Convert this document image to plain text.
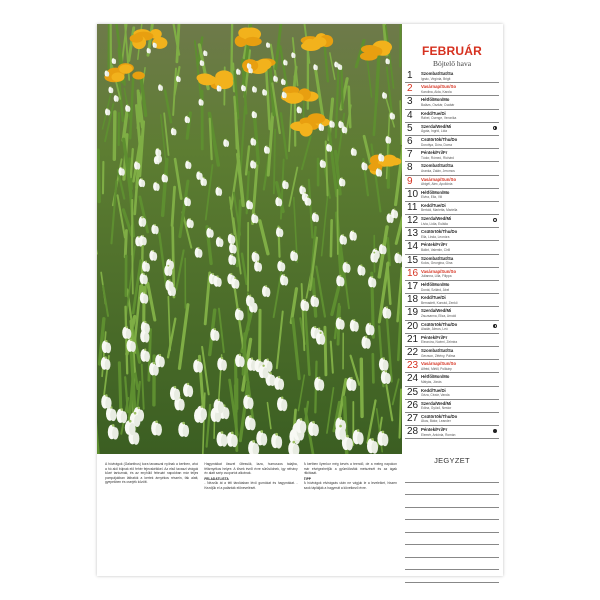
A hóvirágok (Galanthus) kora tavasszal nyílnak a kertben, ahol a hó alól bújnak elő fehér fejecskéikkel. Az első tavaszi virágok közé tartoznak, és az enyhülő februári napokban már teljes pompájukban láthatók a kertek árnyékos részein, fák alatt, gyepekben és cserjék között.
Hagymáikat ősszel ültessük, laza, humuszos talajba, félárnyékos helyre. A tövek évről évre sűrűsödnek, így néhány év alatt szép csoportot alkotnak.
FELADATLISTA
- Nézzük át a téli tárolásban lévő gumókat és hagymákat. - Kezdjük el a palánták előnevelését.
A kertben ilyenkor még kevés a teendő, de a meleg napokon már elvégezhetjük a gyümölcsfák metszését és az ágak ritkítását.
TIPP
A hóvirágok elvirágzás után ne vágjuk le a leveleiket, hiszen azok táplálják a hagymát a következő évre.
FEBRUÁR
Böjtelő hava
1	Szombat/Sat/Sa
Ignác, Virgínia, Brigit
2	Vasárnap/Sun/So
Karolina, Aida, Karola
3	Hétfő/Mon/Mo
Balázs, Oszkár, Csabár
4	Kedd/Tue/Di
Ráhel, Csenge, Veronika
5	Szerda/Wed/Mi
Ágota, Ingrid, Lída
6	Csütörtök/Thu/Do
Dorottya, Dóra, Doma
7	Péntek/Fri/Fr
Tódor, Rómeó, Richárd
8	Szombat/Sat/Sa
Aranka, Zalán, Jeromos
9	Vasárnap/Sun/So
Abigél, Alex, Apollónia
10 Hétfő/Mon/Mo
Elvira, Ella, Vili
11 Kedd/Tue/Di
Bertold, Marietta, Mariella
12 Szerda/Wed/Mi
Lívia, Lídia, Eulália
13 Csütörtök/Thu/Do
Ella, Linda, Leonóra
14 Péntek/Fri/Fr
Bálint, Valentin, Cirill
15 Szombat/Sat/Sa
Kolos, Georgina, Gina
16 Vasárnap/Sun/So
Julianna, Lilla, Filippa
17 Hétfő/Mon/Mo
Donát, Szilárd, Ábel
18 Kedd/Tue/Di
Bernadett, Konrád, Zenkő
19 Szerda/Wed/Mi
Zsuzsanna, Eliza, Arnold
20 Csütörtök/Thu/Do
Aladár, Álmos, Leó
21 Péntek/Fri/Fr
Eleonóra, Noémi, Zelmira
22 Szombat/Sat/Sa
Gerzson, Zétény, Pálma
23 Vasárnap/Sun/So
Alfréd, Mirtill, Polikárp
24 Hétfő/Mon/Mo
Mátyás, Jónás
25 Kedd/Tue/Di
Géza, Cézár, Vanda
26 Szerda/Wed/Mi
Edina, Győző, Nestor
27 Csütörtök/Thu/Do
Ákos, Bátor, Leander
28 Péntek/Fri/Fr
Elemér, Antónia, Román
JEGYZET
